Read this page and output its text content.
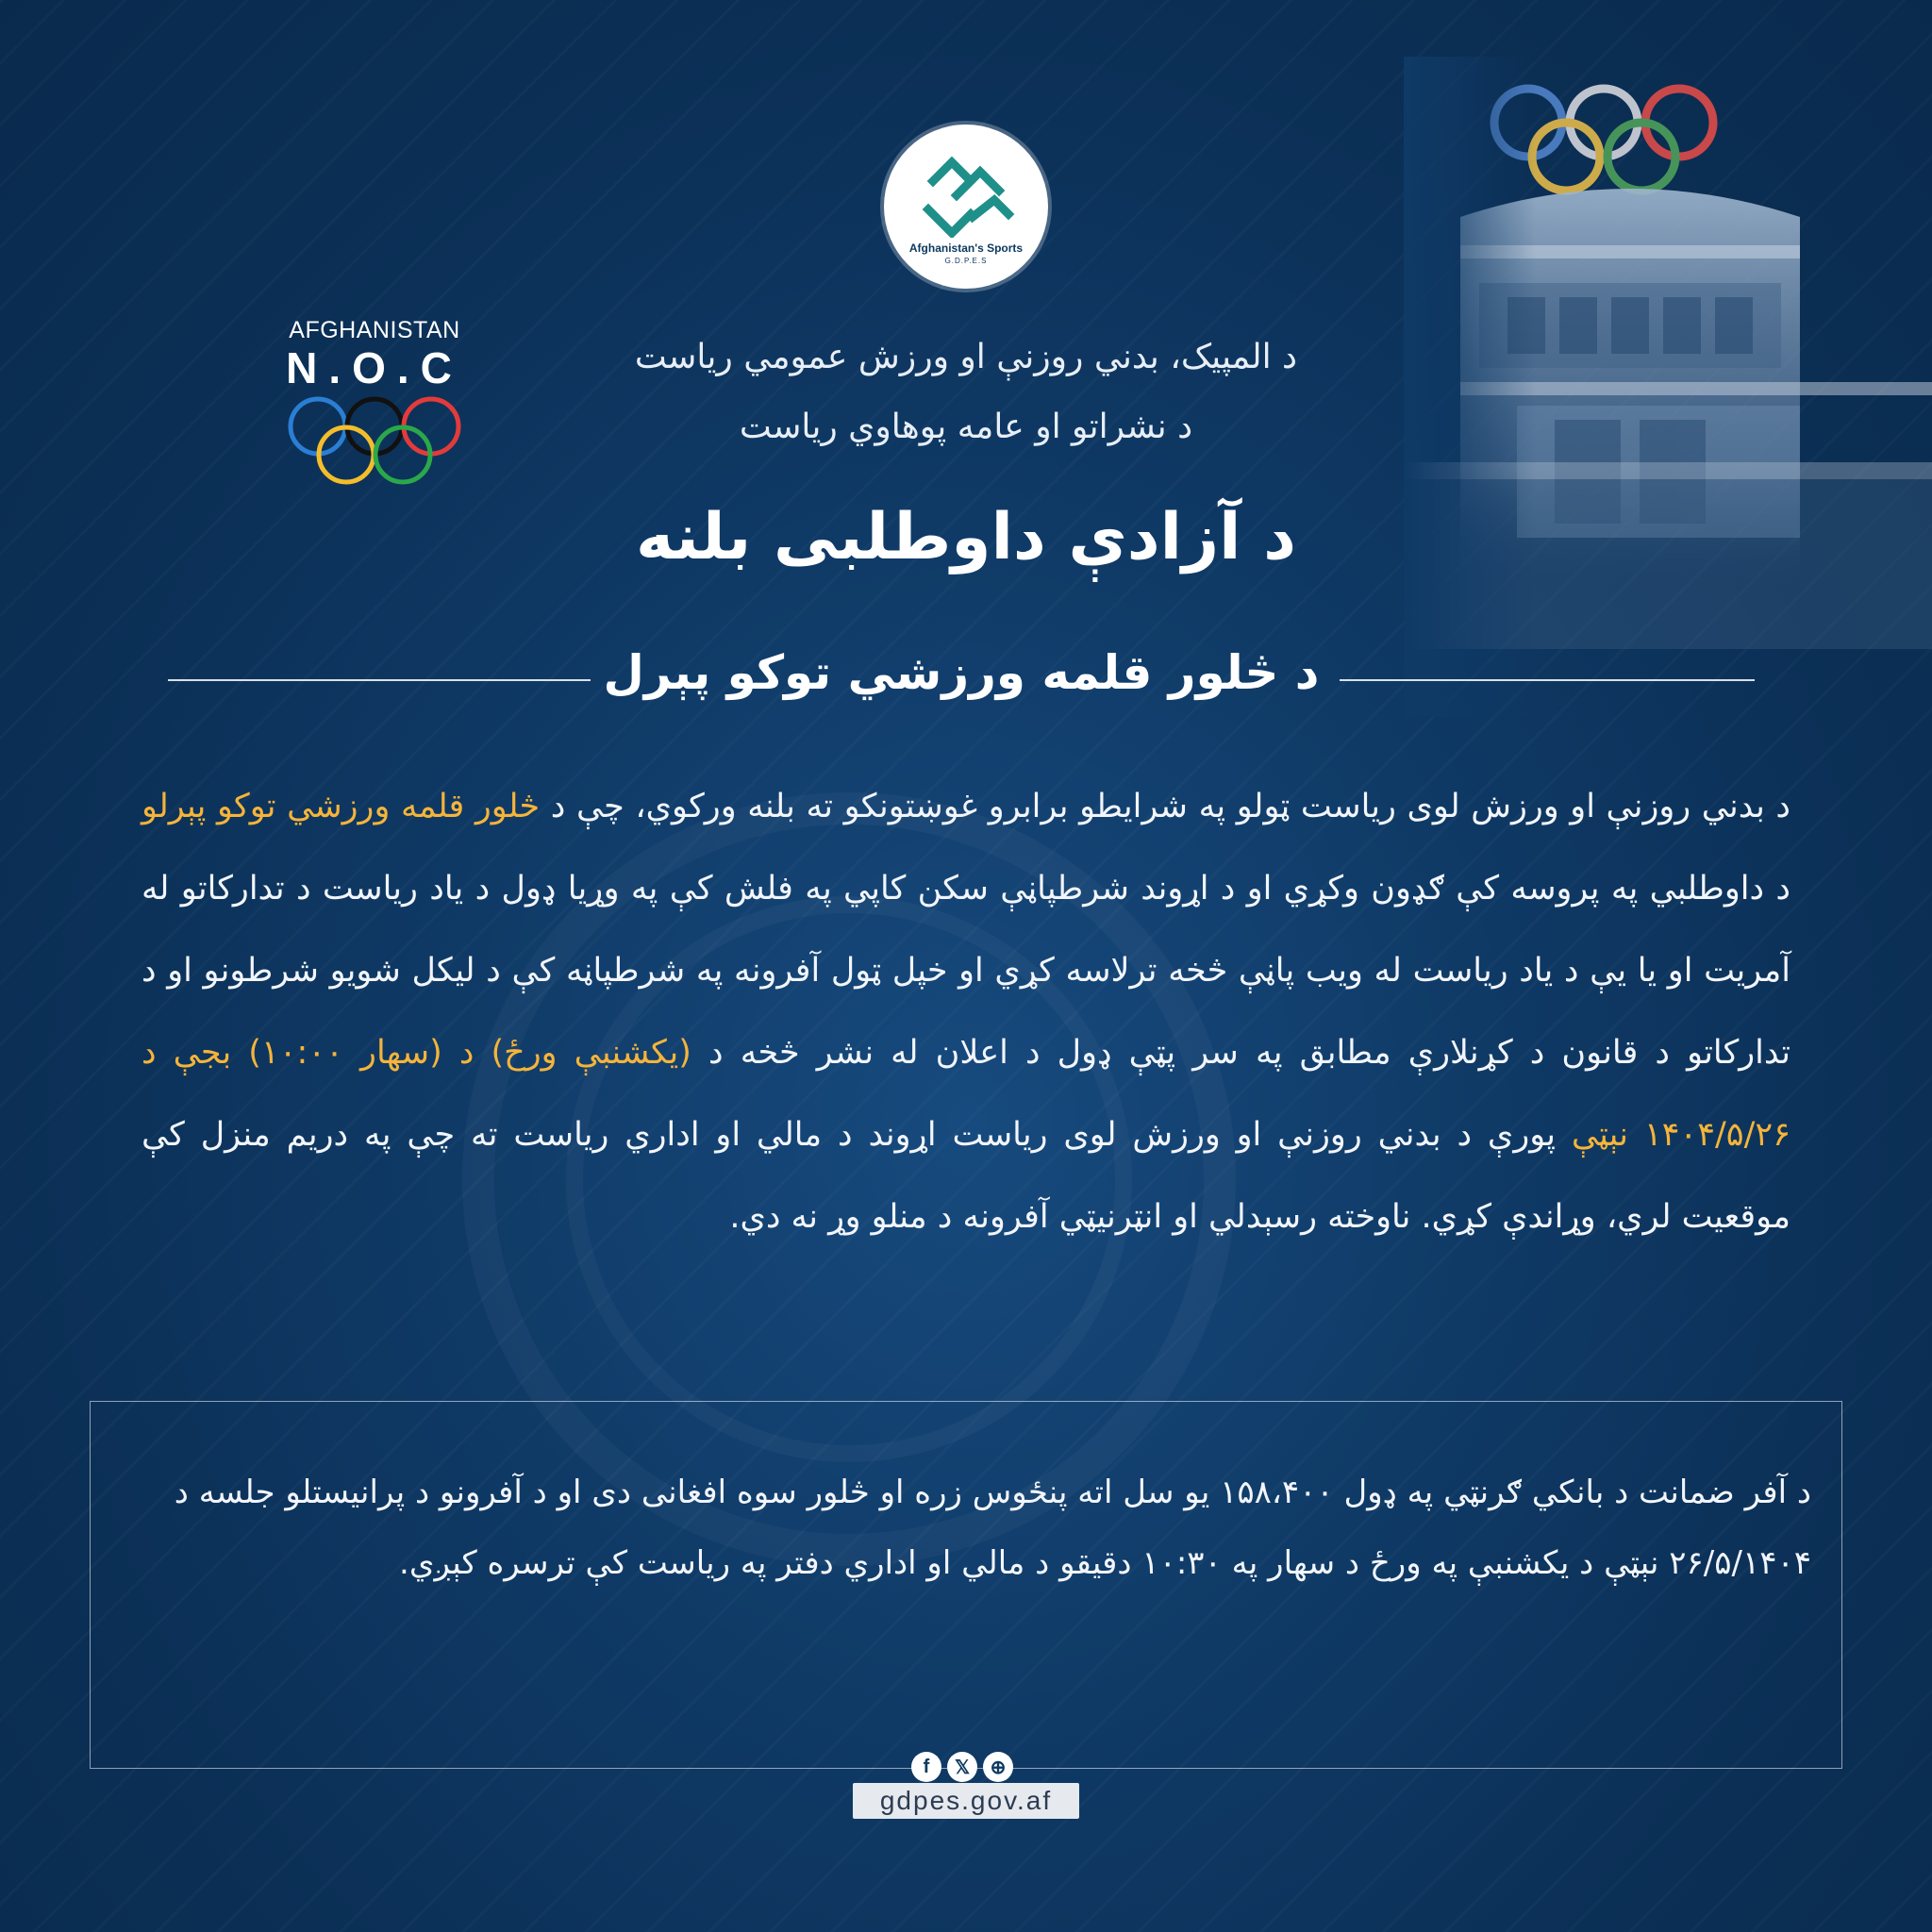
Afghanistan's Sports
G.D.P.E.S
AFGHANISTAN
N.O.C	د المپیک، بدني روزنې او ورزش عمومي ریاست
د نشراتو او عامه پوهاوي ریاست
د آزادې داوطلبی بلنه
د څلور قلمه ورزشي توکو پېرل
د بدني روزنې او ورزش لوی ریاست ټولو په شرایطو برابرو غوښتونکو ته بلنه ورکوي، چې د څلور قلمه ورزشي توکو پېرلو د داوطلبي په پروسه کې ګډون وکړي او د اړوند شرطپاڼې سکن کاپي په فلش کې په وړیا ډول د یاد ریاست د تدارکاتو له آمریت او یا یې د یاد ریاست له ویب پاڼې څخه ترلاسه کړي او خپل ټول آفرونه په شرطپاڼه کې د لیکل شویو شرطونو او د تدارکاتو د قانون د کړنلارې مطابق په سر پټې ډول د اعلان له نشر څخه د (یکشنبې ورځ) د (سهار ۱۰:۰۰) بجې د ۱۴۰۴/۵/۲۶ نېټې پورې د بدني روزنې او ورزش لوی ریاست اړوند د مالي او اداري ریاست ته چې په دریم منزل کې موقعیت لري، وړاندې کړي. ناوخته رسېدلي او انټرنیټي آفرونه د منلو وړ نه دي.
د آفر ضمانت د بانکي ګرنټي په ډول ۱۵۸،۴۰۰ یو سل اته پنځوس زره او څلور سوه افغانی دی او د آفرونو د پرانیستلو جلسه د ۲۶/۵/۱۴۰۴ نېټې د یکشنبې په ورځ د سهار په ۱۰:۳۰ دقیقو د مالي او اداري دفتر په ریاست کې ترسره کېږي.
f	𝕏	⊕
gdpes.gov.af
